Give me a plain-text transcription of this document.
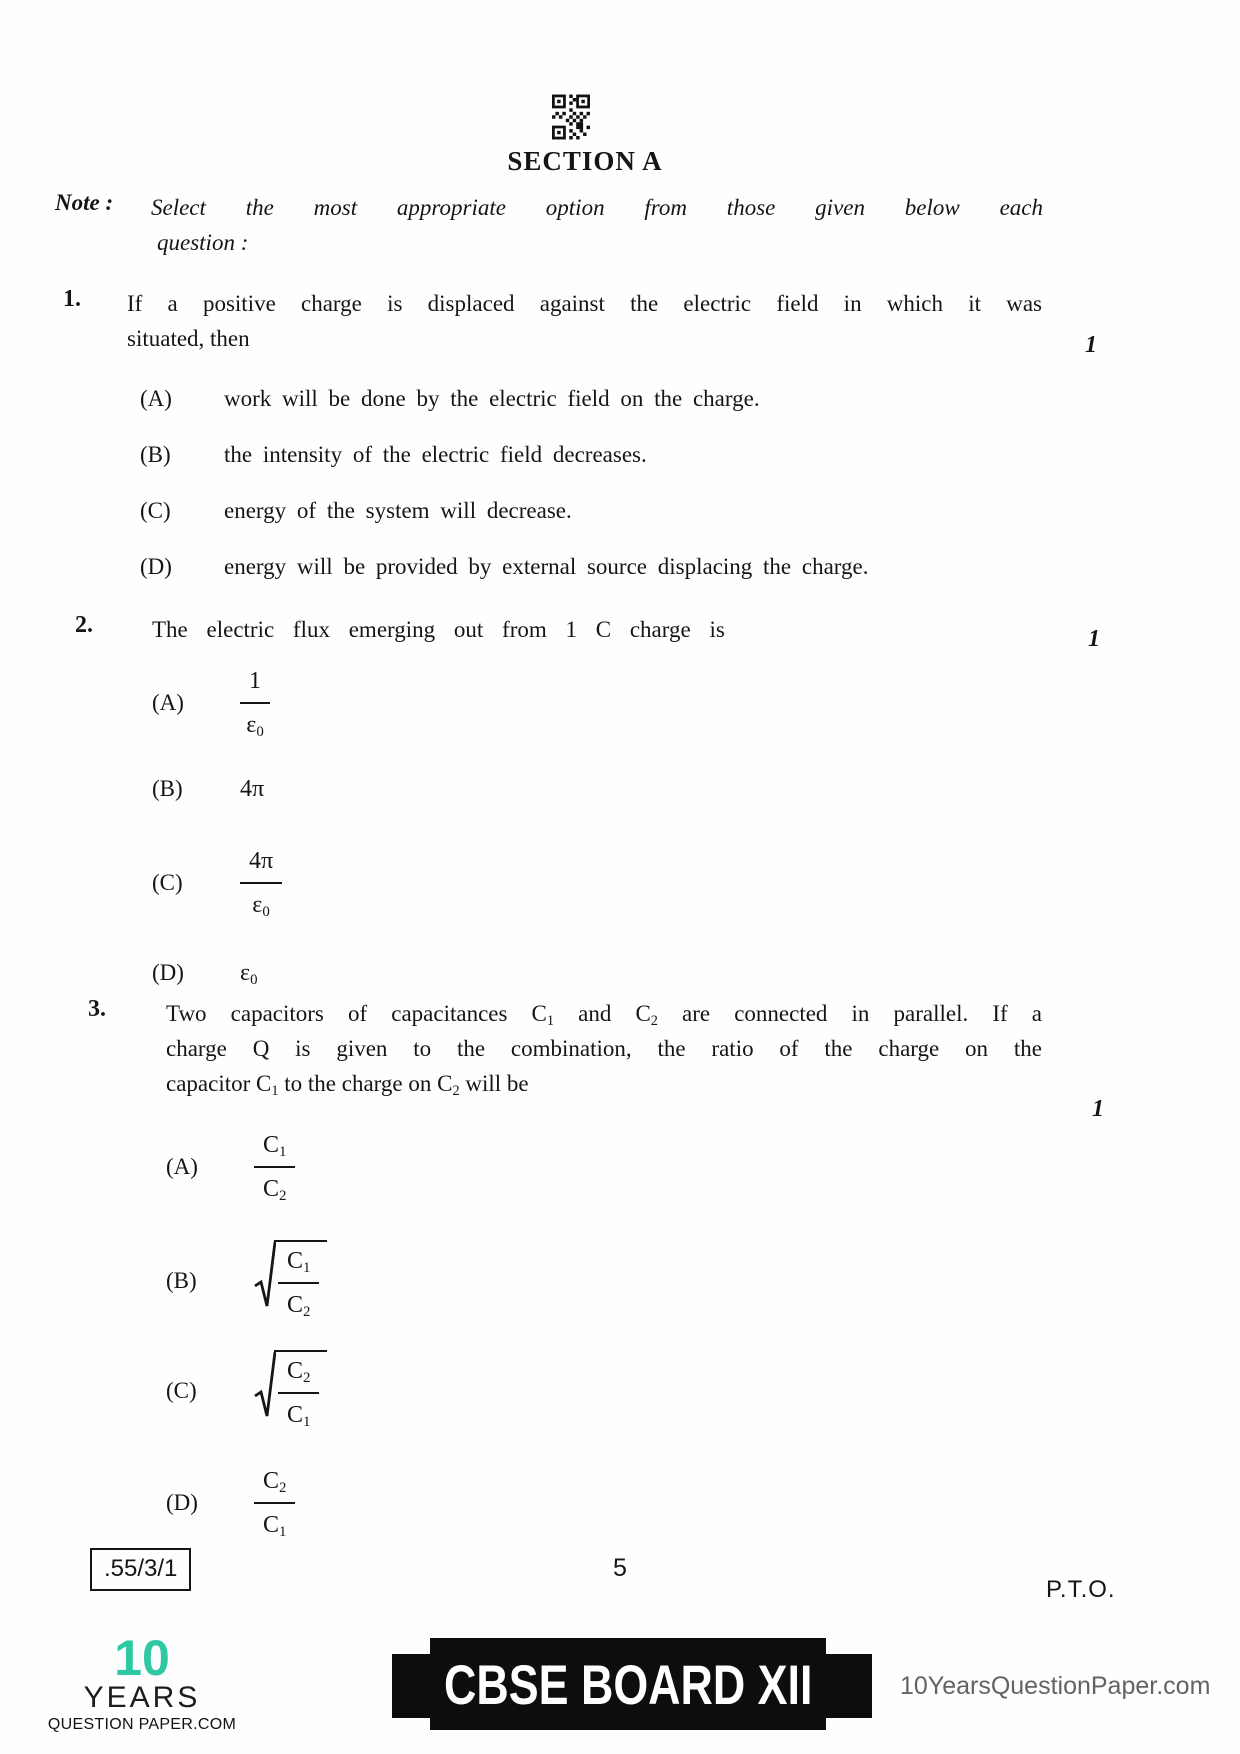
SECTION A
Note :	Select the most appropriate option from those given below each
question :
1.	If a positive charge is displaced against the electric field in which it was
situated, then	1
(A)	work will be done by the electric field on the charge.
(B)	the intensity of the electric field decreases.
(C)	energy of the system will decrease.
(D)	energy will be provided by external source displacing the charge.
2.	The electric flux emerging out from 1 C charge is	1
(A)	$\frac{1}{\varepsilon_0}$
(B)	4π
(C)	$\frac{4\pi}{\varepsilon_0}$
(D)	$\varepsilon_0$
3.	Two capacitors of capacitances $C_1$ and $C_2$ are connected in parallel. If a
charge Q is given to the combination, the ratio of the charge on the
capacitor $C_1$ to the charge on $C_2$ will be
1
(A)	$\frac{C_1}{C_2}$
(B)	$\frac{C_1}{C_2}$
(C)	$\frac{C_2}{C_1}$
(D)	$\frac{C_2}{C_1}$
.55/3/1	5
P.T.O.
10
YEARS
QUESTION PAPER.COM
CBSE BOARD XII	10YearsQuestionPaper.com
